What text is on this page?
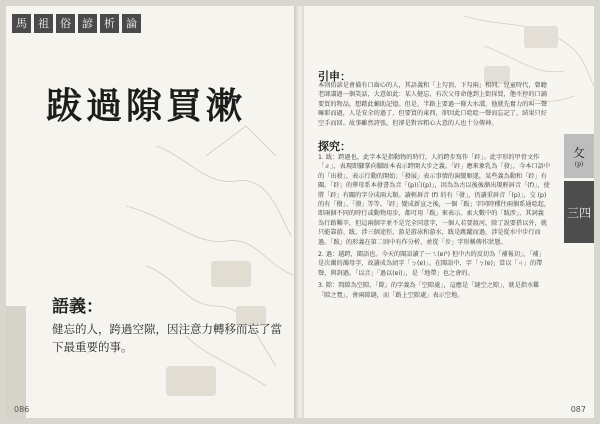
馬	祖	俗	諺	析	論
跋過隙買漱
語義：
健忘的人，跨過空隙，因注意力轉移而忘了當下最重要的事。
086
引申：
本則俗諺是會備有口齒心的人，其語義和「上勾頂，下勾兩」相同。兒童時代，曾聽老師講過一個笑話，大意如此：某人健忘，有次父母命他到上街採買，他不停的口誦要買的物品，想藉此輔助記憶。但是，半路上要過一條大水溝，他就先奮力的叫一聲嘛耶而過，人是安全的過了，但要買的東西，卻因此口唸唸一聲而忘記了，結果只好空手而回。故事雖然誇張，但卻是對容粗心大意的人也十分傳神。
探究：

1. 跋：跨過也。此字本是指動物的時行，人的跨步寫作「𨁝」。此字形的甲骨文作「ㄓ」，表現即腳掌向腳趾本表示跨開大步之義。「𨁝」應來象乳為「發」，今本口語中的「出發」，表示行動的開始；「發展」表示事情的演變順遂，某些義為動和「𨁝」有關。「𨁝」的華母系本發書為音「(p)白(p)」，因為為古以後後漸出現輕唇音「(f)」，使將「𨁝」有關的字分成兩大類。讀輕唇音 (f) 的有「發」，仍讀重唇音「(p)」，交 (p) 的有「撥」、「潑」等等。「𨁝」變成新宣之後，一個「跋」字同時種往兩個系通唸起，即兩個不同的時行或動物用步，都可用「跋」來表示。索大數中的「跋涉」，其詞義為行路艱辛，但這兩個字並不是完全同意字，一個人若要渡河，除了說要搭以外，就只能靠游、跋、涉三個途徑，游是游泳和游水，跋是跳躍而過，涉是從水中步行而過。「跋」的形義在第二則中有作分析，並從「步」字形稱傳作狀態。

2. 過：越跨，閩語也。今天的閩語讀了一ㄟ(ɐi⁵) 但中古的反切為「補報切」，「補」是次濁的濁母字，故讀成為紉字「ㄅ(ɐ)」。在閩語中，字「ㄅ(ɐ)」當以「ㄐ」的帶聲，與詢過。「以音」「過以(ɐi)」，是「地帶」也之會的。

3. 隙：間隙為空隙。「隙」的字義為「空隙處」，這應是「縫空之隙」，就是指水雞「隙之寬」，會兩隙縫，而「路上空隙處」表示空地。

攵
(p)
三四
087
